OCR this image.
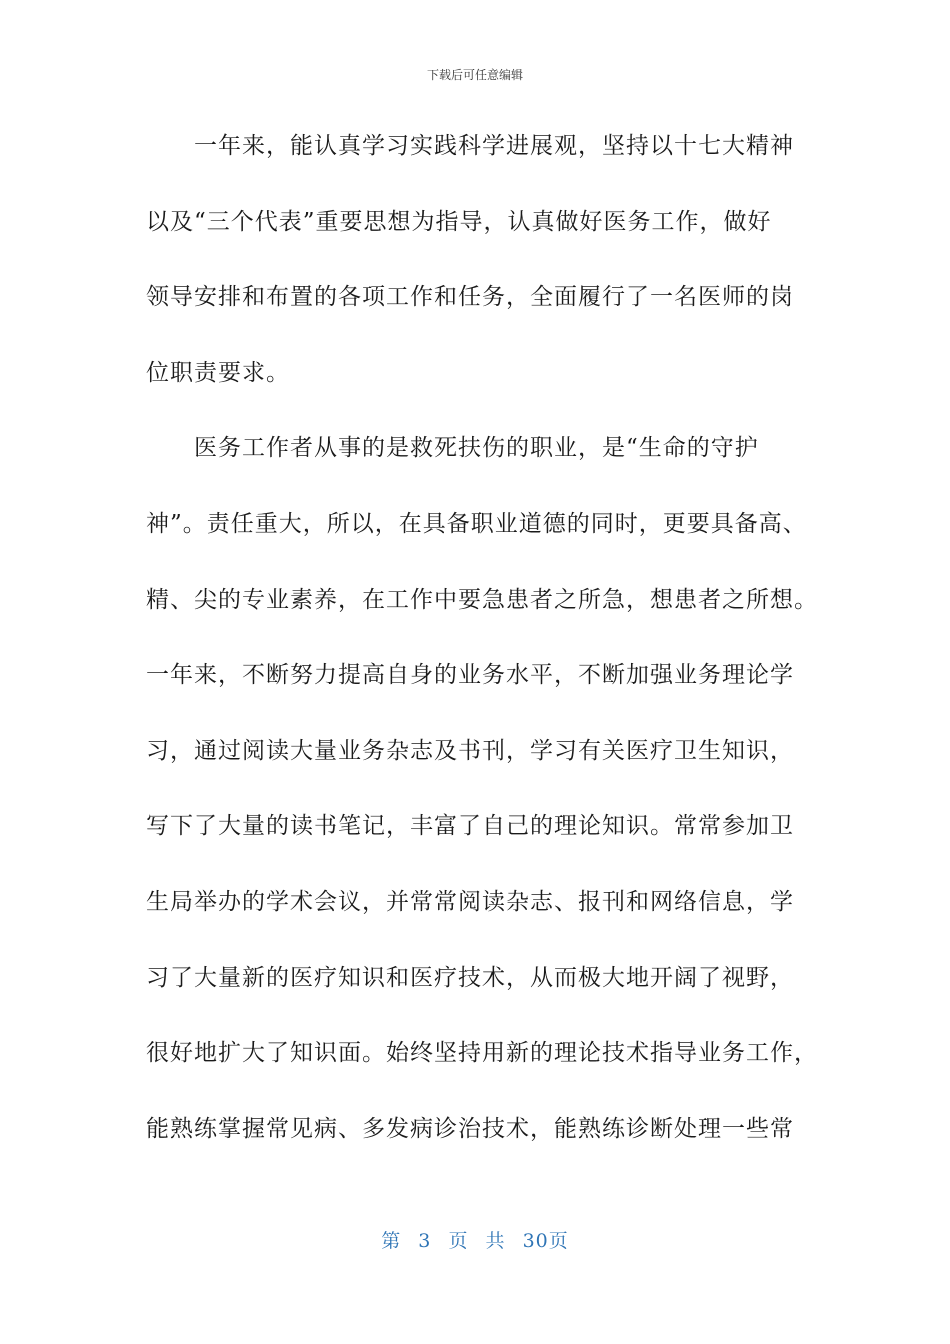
下载后可任意编辑
一年来，能认真学习实践科学进展观，坚持以十七大精神
以及“三个代表”重要思想为指导，认真做好医务工作，做好
领导安排和布置的各项工作和任务，全面履行了一名医师的岗
位职责要求。
医务工作者从事的是救死扶伤的职业，是“生命的守护
神”。责任重大，所以，在具备职业道德的同时，更要具备高、
精、尖的专业素养，在工作中要急患者之所急，想患者之所想。
一年来，不断努力提高自身的业务水平，不断加强业务理论学
习，通过阅读大量业务杂志及书刊，学习有关医疗卫生知识，
写下了大量的读书笔记，丰富了自己的理论知识。常常参加卫
生局举办的学术会议，并常常阅读杂志、报刊和网络信息，学
习了大量新的医疗知识和医疗技术，从而极大地开阔了视野，
很好地扩大了知识面。始终坚持用新的理论技术指导业务工作，
能熟练掌握常见病、多发病诊治技术，能熟练诊断处理一些常
第 3 页 共 30页
